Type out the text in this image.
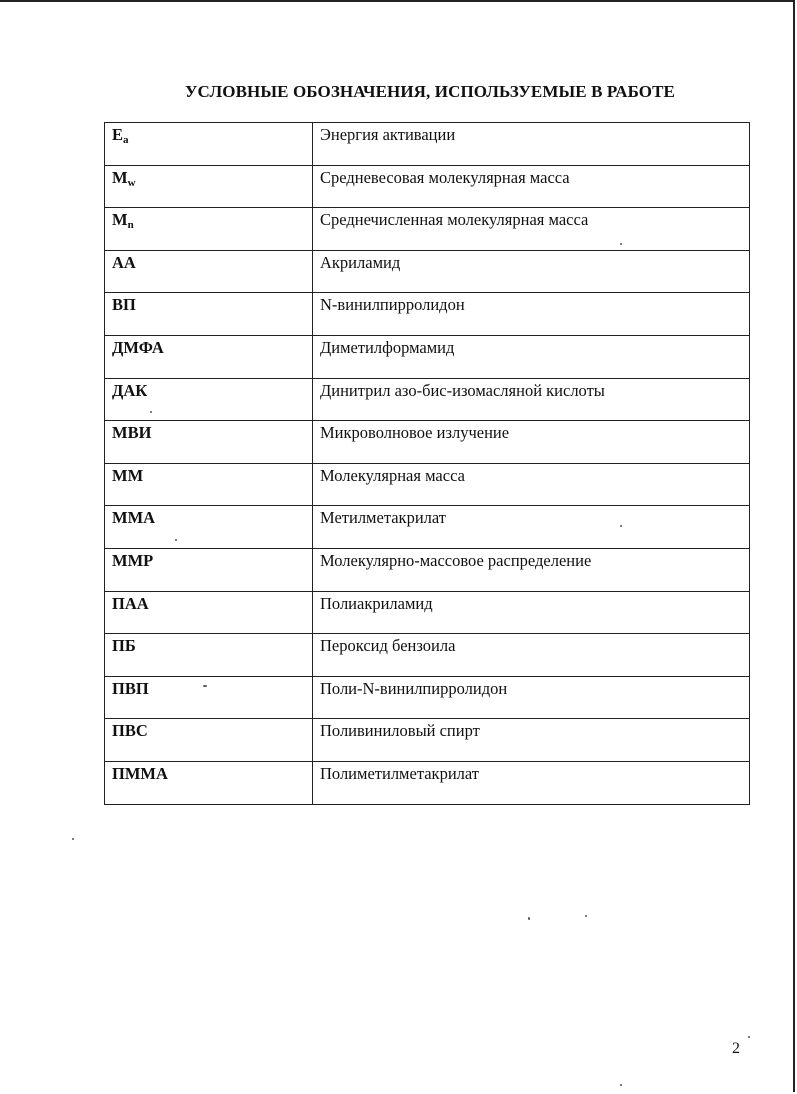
УСЛОВНЫЕ ОБОЗНАЧЕНИЯ, ИСПОЛЬЗУЕМЫЕ В РАБОТЕ
$E_a$	Энергия активации

$M_w$	Средневесовая молекулярная масса

$M_n$	Среднечисленная молекулярная масса

АА	Акриламид

ВП	N-винилпирролидон

ДМФА	Диметилформамид

ДАК	Динитрил азо-бис-изомасляной кислоты

МВИ	Микроволновое излучение

ММ	Молекулярная масса

ММА	Метилметакрилат

ММР	Молекулярно-массовое распределение

ПАА	Полиакриламид

ПБ	Пероксид бензоила

ПВП	Поли-N-винилпирролидон

ПВС	Поливиниловый спирт

ПММА	Полиметилметакрилат
2
